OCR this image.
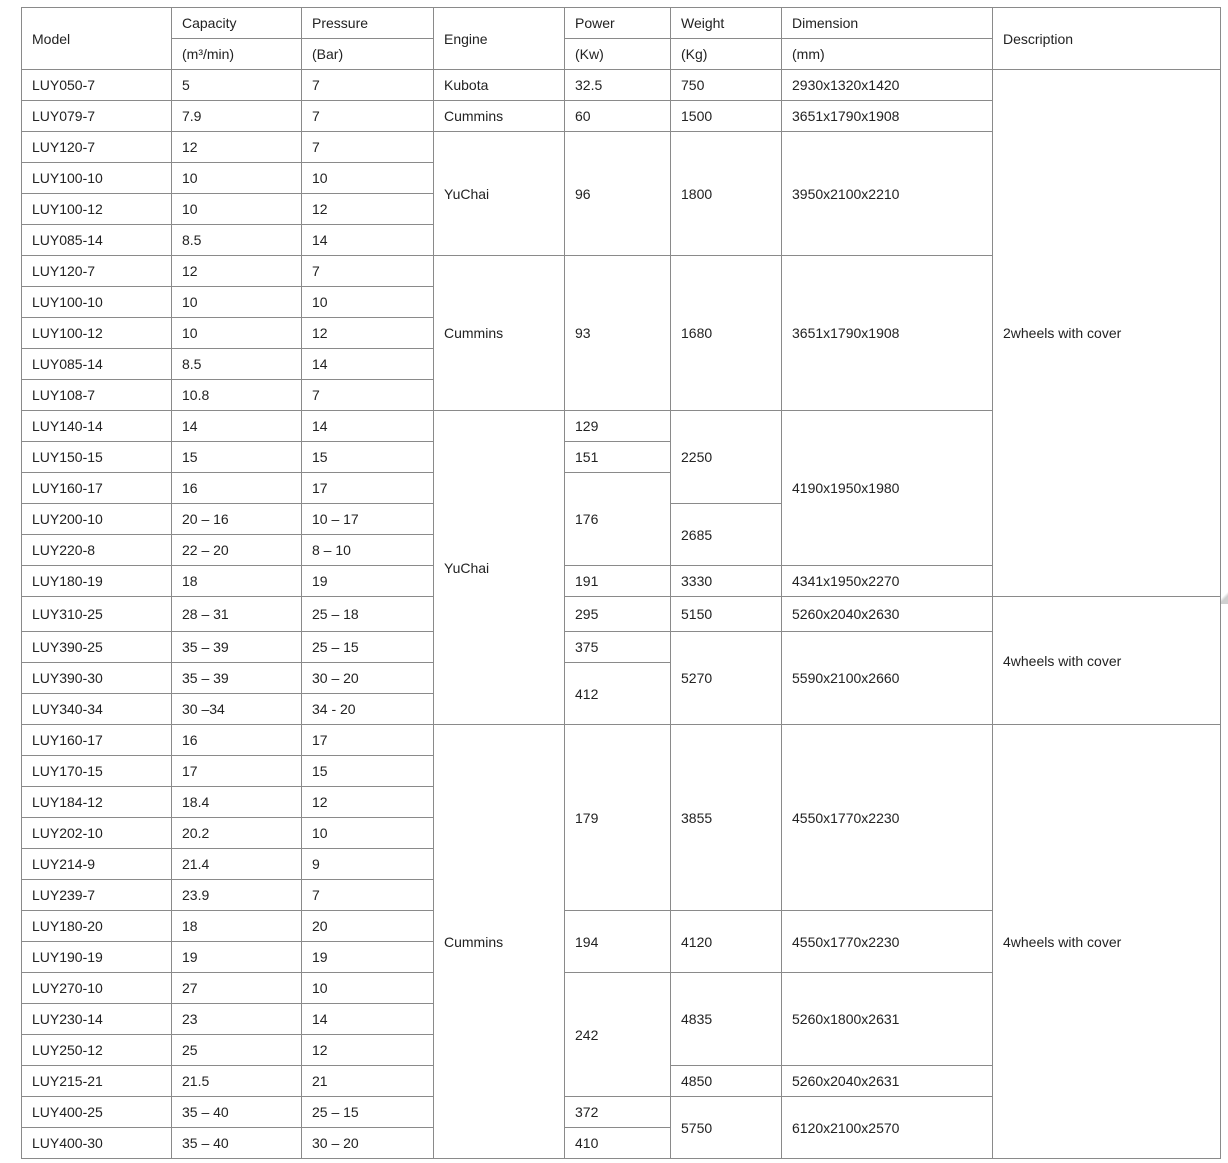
Model	Capacity	Pressure	Engine	Power	Weight	Dimension	Description
	(m³/min)	(Bar)		(Kw)	(Kg)	(mm)	
LUY050-7	5	7	Kubota	32.5	750	2930x1320x1420	2wheels with cover
LUY079-7	7.9	7	Cummins	60	1500	3651x1790x1908	
LUY120-7	12	7	YuChai	96	1800	3950x2100x2210	
LUY100-10	10	10					
LUY100-12	10	12					
LUY085-14	8.5	14					
LUY120-7	12	7	Cummins	93	1680	3651x1790x1908	
LUY100-10	10	10					
LUY100-12	10	12					
LUY085-14	8.5	14					
LUY108-7	10.8	7					
LUY140-14	14	14	YuChai	129	2250	4190x1950x1980	
LUY150-15	15	15		151			
LUY160-17	16	17		176			
LUY200-10	20 – 16	10 – 17			2685		
LUY220-8	22 – 20	8 – 10					
LUY180-19	18	19		191	3330	4341x1950x2270	
LUY310-25	28 – 31	25 – 18		295	5150	5260x2040x2630	4wheels with cover
LUY390-25	35 – 39	25 – 15		375	5270	5590x2100x2660	
LUY390-30	35 – 39	30 – 20		412			
LUY340-34	30 –34	34 - 20					
LUY160-17	16	17	Cummins	179	3855	4550x1770x2230	4wheels with cover
LUY170-15	17	15					
LUY184-12	18.4	12					
LUY202-10	20.2	10					
LUY214-9	21.4	9					
LUY239-7	23.9	7					
LUY180-20	18	20		194	4120	4550x1770x2230	
LUY190-19	19	19					
LUY270-10	27	10		242	4835	5260x1800x2631	
LUY230-14	23	14					
LUY250-12	25	12					
LUY215-21	21.5	21			4850	5260x2040x2631	
LUY400-25	35 – 40	25 – 15		372	5750	6120x2100x2570	
LUY400-30	35 – 40	30 – 20		410			
